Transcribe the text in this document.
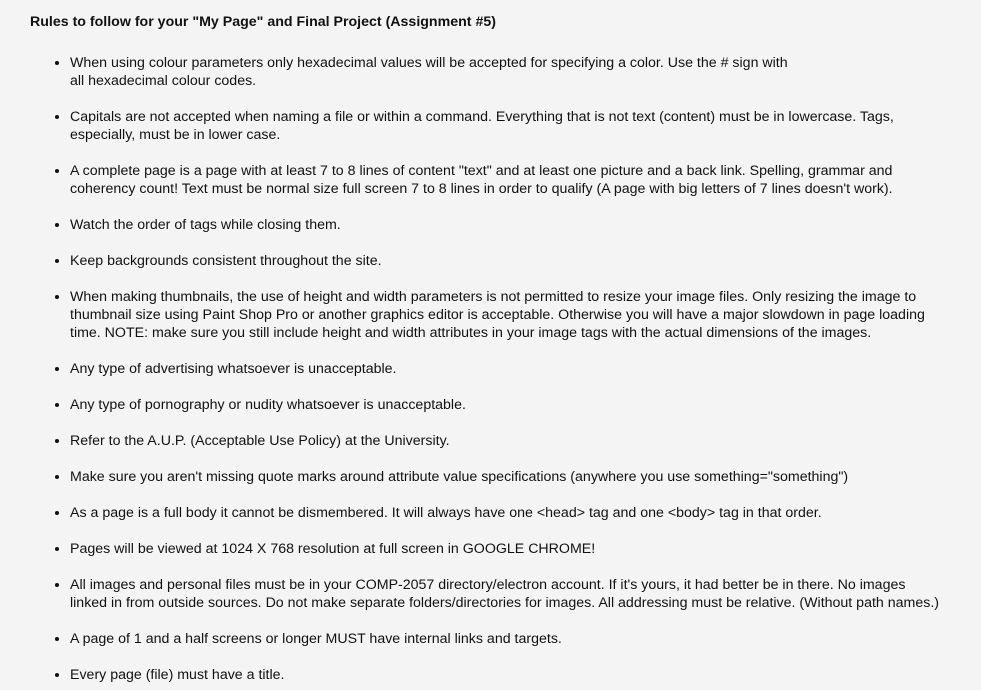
Rules to follow for your "My Page" and Final Project (Assignment #5)
• When using colour parameters only hexadecimal values will be accepted for specifying a color. Use the # sign with
all hexadecimal colour codes.
• Capitals are not accepted when naming a file or within a command. Everything that is not text (content) must be in lowercase. Tags,
especially, must be in lower case.
• A complete page is a page with at least 7 to 8 lines of content "text" and at least one picture and a back link. Spelling, grammar and
coherency count! Text must be normal size full screen 7 to 8 lines in order to qualify (A page with big letters of 7 lines doesn't work).
• Watch the order of tags while closing them.
• Keep backgrounds consistent throughout the site.
• When making thumbnails, the use of height and width parameters is not permitted to resize your image files. Only resizing the image to
thumbnail size using Paint Shop Pro or another graphics editor is acceptable. Otherwise you will have a major slowdown in page loading
time. NOTE: make sure you still include height and width attributes in your image tags with the actual dimensions of the images.
• Any type of advertising whatsoever is unacceptable.
• Any type of pornography or nudity whatsoever is unacceptable.
• Refer to the A.U.P. (Acceptable Use Policy) at the University.
• Make sure you aren't missing quote marks around attribute value specifications (anywhere you use something="something")
• As a page is a full body it cannot be dismembered. It will always have one <head> tag and one <body> tag in that order.
• Pages will be viewed at 1024 X 768 resolution at full screen in GOOGLE CHROME!
• All images and personal files must be in your COMP-2057 directory/electron account. If it's yours, it had better be in there. No images
linked in from outside sources. Do not make separate folders/directories for images. All addressing must be relative. (Without path names.)
• A page of 1 and a half screens or longer MUST have internal links and targets.
• Every page (file) must have a title.
